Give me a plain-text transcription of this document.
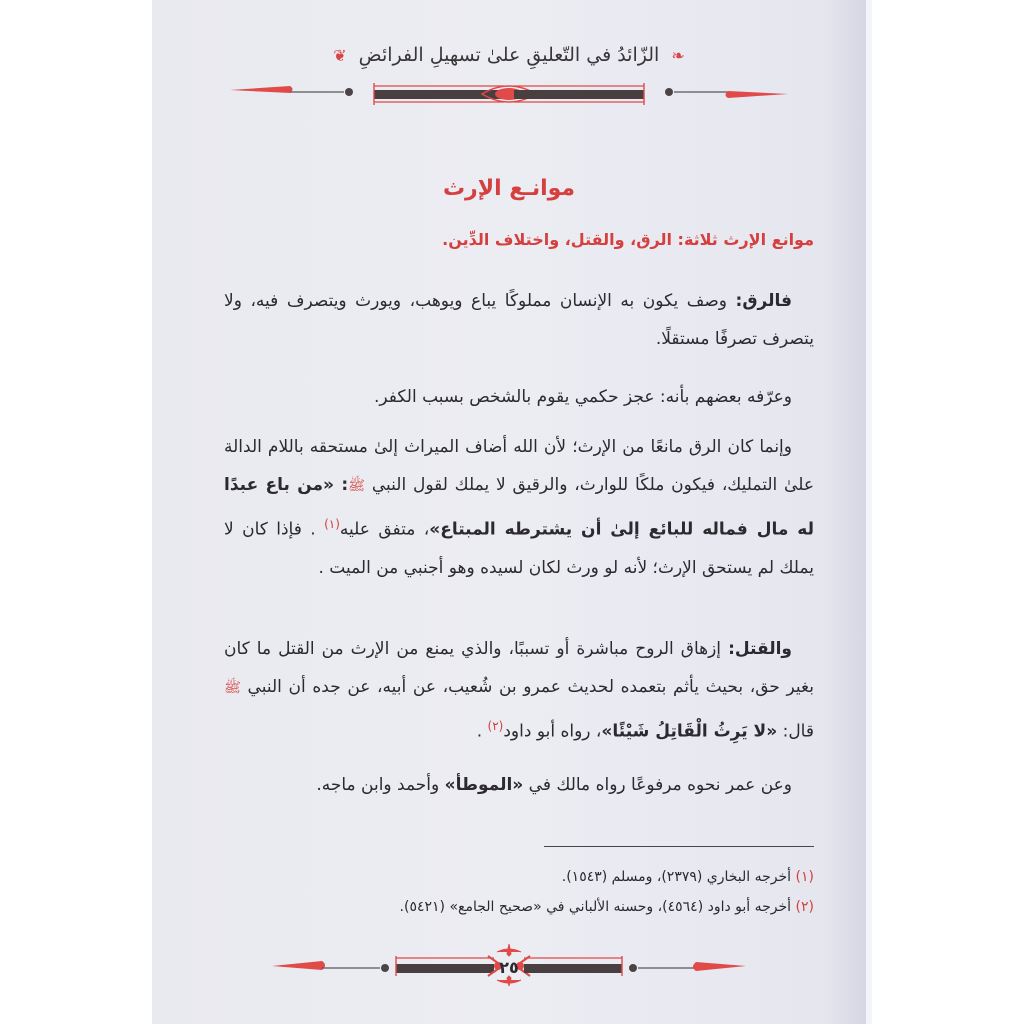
❧ الزّائدُ في التّعليقِ علىٰ تسهيلِ الفرائضِ ❦
موانـع الإرث
موانع الإرث ثلاثة: الرق، والقتل، واختلاف الدِّين.
فالرق: وصف يكون به الإنسان مملوكًا يباع ويوهب، ويورث ويتصرف فيه، ولا يتصرف تصرفًا مستقلًا.
وعرّفه بعضهم بأنه: عجز حكمي يقوم بالشخص بسبب الكفر.
وإنما كان الرق مانعًا من الإرث؛ لأن الله أضاف الميراث إلىٰ مستحقه باللام الدالة علىٰ التمليك، فيكون ملكًا للوارث، والرقيق لا يملك لقول النبي ﷺ: «من باع عبدًا له مال فماله للبائع إلىٰ أن يشترطه المبتاع»، متفق عليه$^{(١)}$ . فإذا كان لا يملك لم يستحق الإرث؛ لأنه لو ورث لكان لسيده وهو أجنبي من الميت .
والقتل: إزهاق الروح مباشرة أو تسببًا، والذي يمنع من الإرث من القتل ما كان بغير حق، بحيث يأثم بتعمده لحديث عمرو بن شُعيب، عن أبيه، عن جده أن النبي ﷺ قال: «لا يَرِثُ الْقَاتِلُ شَيْئًا»، رواه أبو داود$^{(٢)}$ .
وعن عمر نحوه مرفوعًا رواه مالك في «الموطأ» وأحمد وابن ماجه.
(١) أخرجه البخاري (٢٣٧٩)، ومسلم (١٥٤٣).
(٢) أخرجه أبو داود (٤٥٦٤)، وحسنه الألباني في «صحيح الجامع» (٥٤٢١).
٢٥
